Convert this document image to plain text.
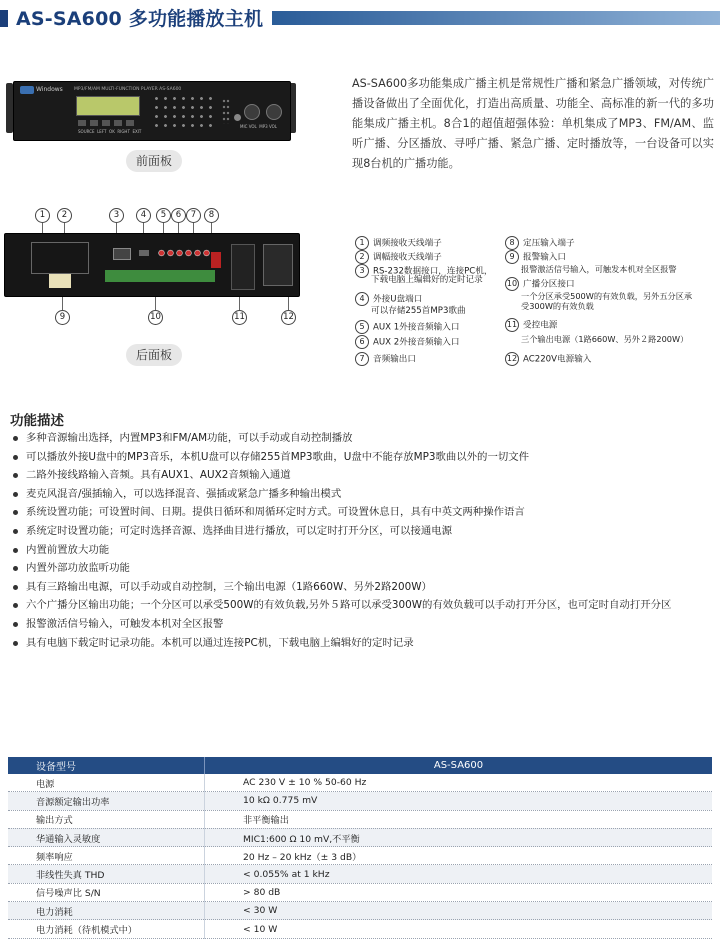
AS-SA600 多功能播放主机
Windows MP3/FM/AM MULTI-FUNCTION PLAYER AS-SA600
SOURCE LEFT OK RIGHT EXIT
MIC VOL MP3 VOL
前面板
AS-SA600多功能集成广播主机是常规性广播和紧急广播领域，对传统广播设备做出了全面优化，打造出高质量、功能全、高标准的新一代的多功能集成广播主机。8合1的超值超强体验：单机集成了MP3、FM/AM、监听广播、分区播放、寻呼广播、紧急广播、定时播放等，一台设备可以实现8台机的广播功能。
1	2	3	4	5	6	7	8
9	10	11	12
后面板
1 调频接收天线端子
2 调幅接收天线端子
3 RS-232数据接口，连接PC机，
下载电脑上编辑好的定时记录
4 外接U盘端口
可以存储255首MP3歌曲
5 AUX 1外接音频输入口
6 AUX 2外接音频输入口
7 音频输出口
8 定压输入端子
9 报警输入口
报警激活信号输入，可触发本机对全区报警
10 广播分区接口
一个分区承受500W的有效负载，另外五分区承
受300W的有效负载
11 受控电源
三个输出电源（1路660W、另外２路200W）
12 AC220V电源输入
功能描述
多种音源输出选择，内置MP3和FM/AM功能，可以手动或自动控制播放
可以播放外接U盘中的MP3音乐，本机U盘可以存储255首MP3歌曲，U盘中不能存放MP3歌曲以外的一切文件
二路外接线路输入音频。具有AUX1、AUX2音频输入通道
麦克风混音/强插输入，可以选择混音、强插或紧急广播多种输出模式
系统设置功能；可设置时间、日期。提供日循环和周循环定时方式。可设置休息日，具有中英文两种操作语言
系统定时设置功能；可定时选择音源、选择曲目进行播放，可以定时打开分区，可以接通电源
内置前置放大功能
内置外部功放监听功能
具有三路输出电源，可以手动或自动控制，三个输出电源（1路660W、另外2路200W）
六个广播分区输出功能；一个分区可以承受500W的有效负载,另外５路可以承受300W的有效负载可以手动打开分区，也可定时自动打开分区
报警激活信号输入，可触发本机对全区报警
具有电脑下载定时记录功能。本机可以通过连接PC机，下载电脑上编辑好的定时记录
设备型号	AS-SA600
电源	AC 230 V ± 10 % 50-60 Hz
音源额定输出功率	10 kΩ 0.775 mV
输出方式	非平衡输出
华通输入灵敏度	MIC1:600 Ω 10 mV,不平衡
频率响应	20 Hz – 20 kHz（± 3 dB）
非线性失真 THD	< 0.055% at 1 kHz
信号噪声比 S/N	> 80 dB
电力消耗	< 30 W
电力消耗（待机模式中）	< 10 W
